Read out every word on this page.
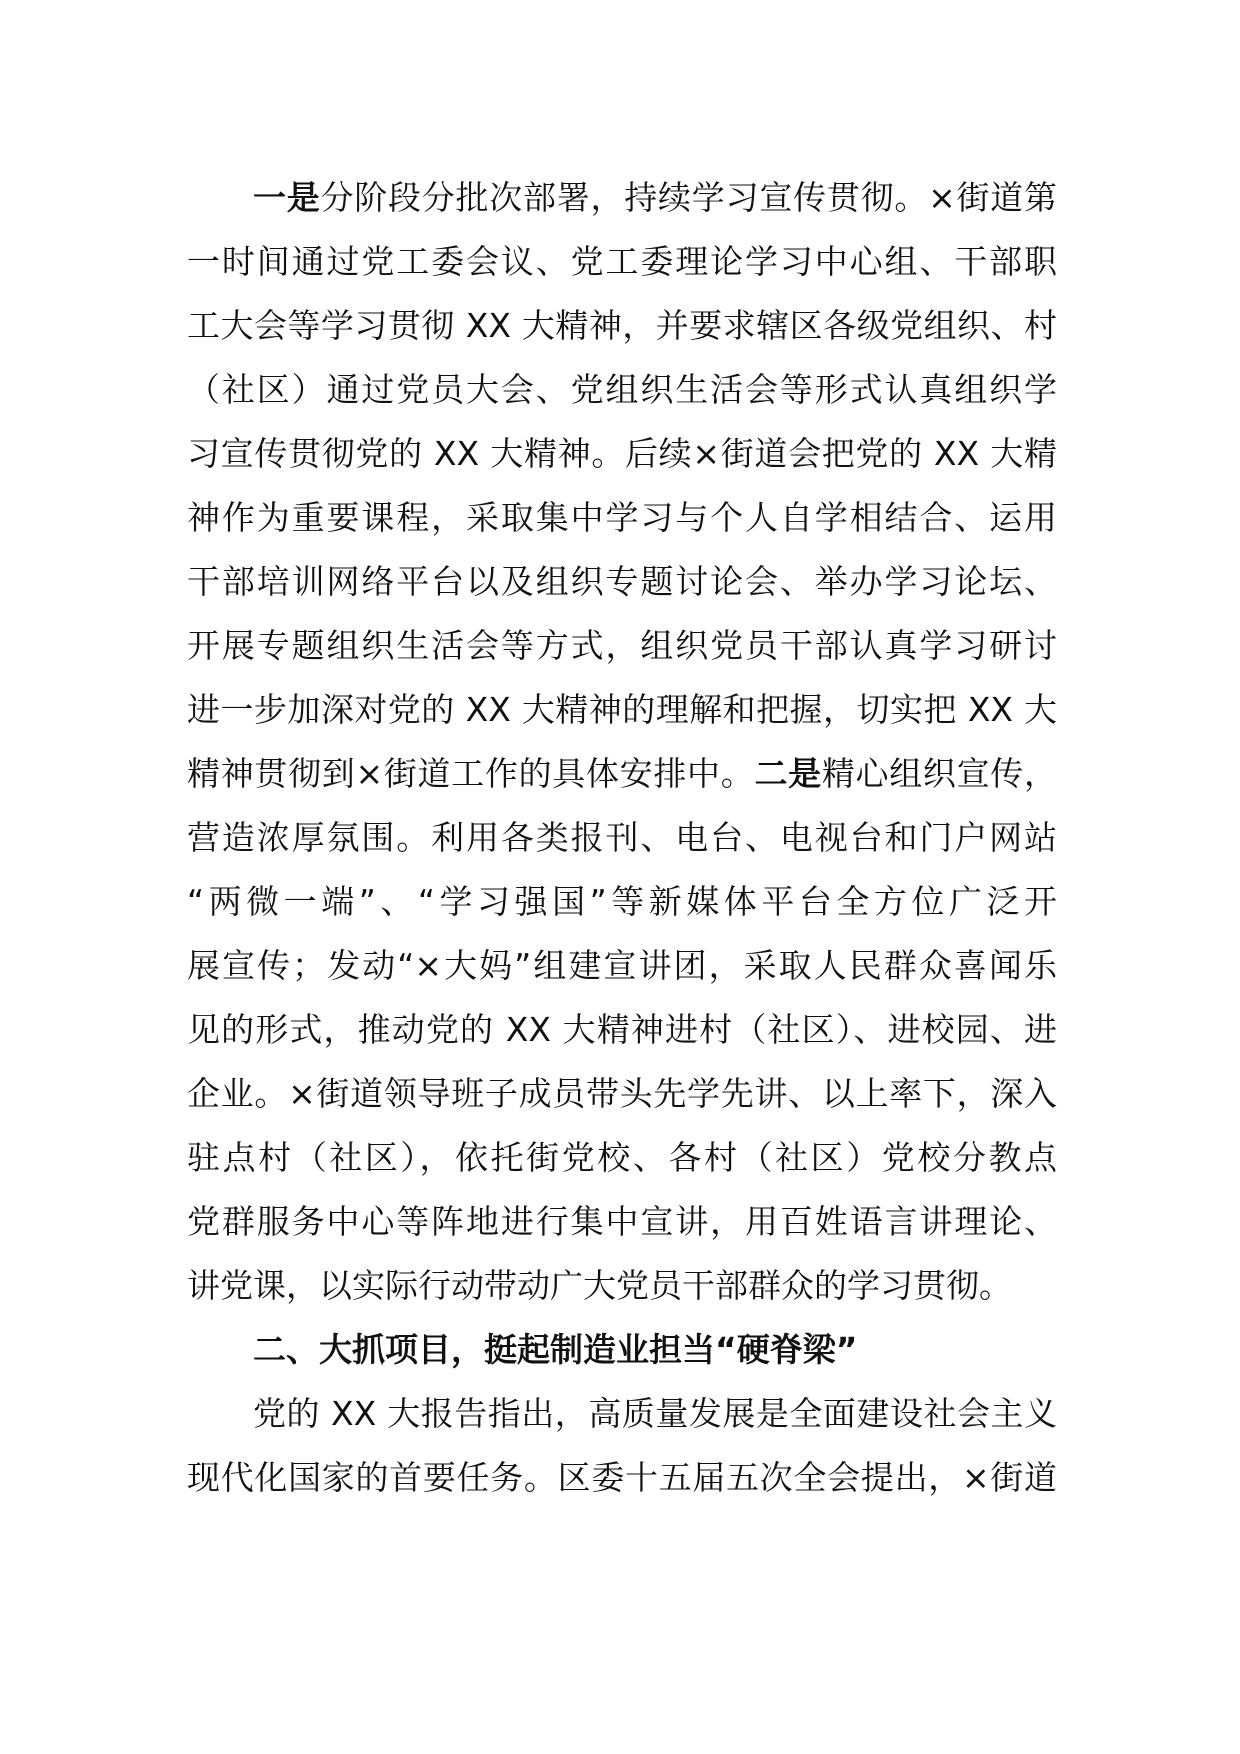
一是分阶段分批次部署，持续学习宣传贯彻。×街道第
一时间通过党工委会议、党工委理论学习中心组、干部职
工大会等学习贯彻 XX 大精神，并要求辖区各级党组织、村
（社区）通过党员大会、党组织生活会等形式认真组织学
习宣传贯彻党的 XX 大精神。后续×街道会把党的 XX 大精
神作为重要课程，采取集中学习与个人自学相结合、运用
干部培训网络平台以及组织专题讨论会、举办学习论坛、
开展专题组织生活会等方式，组织党员干部认真学习研讨
进一步加深对党的 XX 大精神的理解和把握，切实把 XX 大
精神贯彻到×街道工作的具体安排中。二是精心组织宣传，
营造浓厚氛围。利用各类报刊、电台、电视台和门户网站
“两微一端”、“学习强国”等新媒体平台全方位广泛开
展宣传；发动“×大妈”组建宣讲团，采取人民群众喜闻乐
见的形式，推动党的 XX 大精神进村（社区）、进校园、进
企业。×街道领导班子成员带头先学先讲、以上率下，深入
驻点村（社区），依托街党校、各村（社区）党校分教点
党群服务中心等阵地进行集中宣讲，用百姓语言讲理论、
讲党课，以实际行动带动广大党员干部群众的学习贯彻。
二、大抓项目，挺起制造业担当“硬脊梁”
党的 XX 大报告指出，高质量发展是全面建设社会主义
现代化国家的首要任务。区委十五届五次全会提出，×街道
